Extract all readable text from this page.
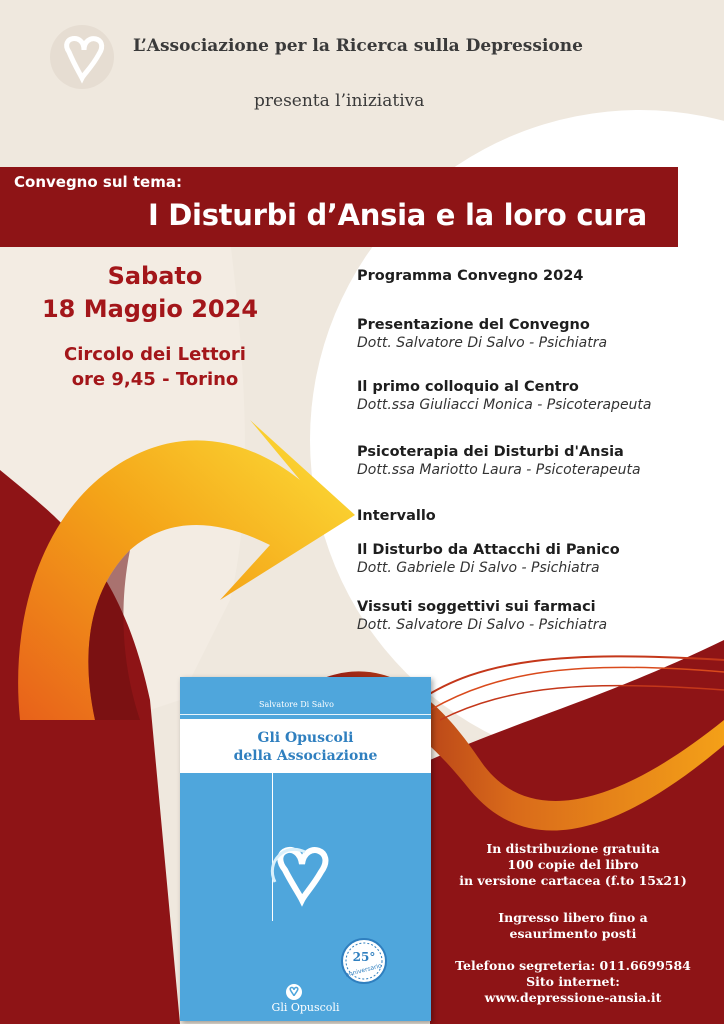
L’Associazione per la Ricerca sulla Depressione
presenta l’iniziativa
Convegno sul tema:
I Disturbi d’Ansia e la loro cura
Sabato
18 Maggio 2024
Circolo dei Lettori
ore 9,45 - Torino
Programma Convegno 2024
Presentazione del Convegno
Dott. Salvatore Di Salvo - Psichiatra
Il primo colloquio al Centro
Dott.ssa Giuliacci Monica - Psicoterapeuta
Psicoterapia dei Disturbi d'Ansia
Dott.ssa Mariotto Laura - Psicoterapeuta
Intervallo
Il Disturbo da Attacchi di Panico
Dott. Gabriele Di Salvo - Psichiatra
Vissuti soggettivi sui farmaci
Dott. Salvatore Di Salvo - Psichiatra
Salvatore Di Salvo
Gli Opuscoli
della Associazione
25°
anniversario
Gli Opuscoli
In distribuzione gratuita
100 copie del libro
in versione cartacea (f.to 15x21)
Ingresso libero fino a
esaurimento posti
Telefono segreteria: 011.6699584
Sito internet:
www.depressione-ansia.it
